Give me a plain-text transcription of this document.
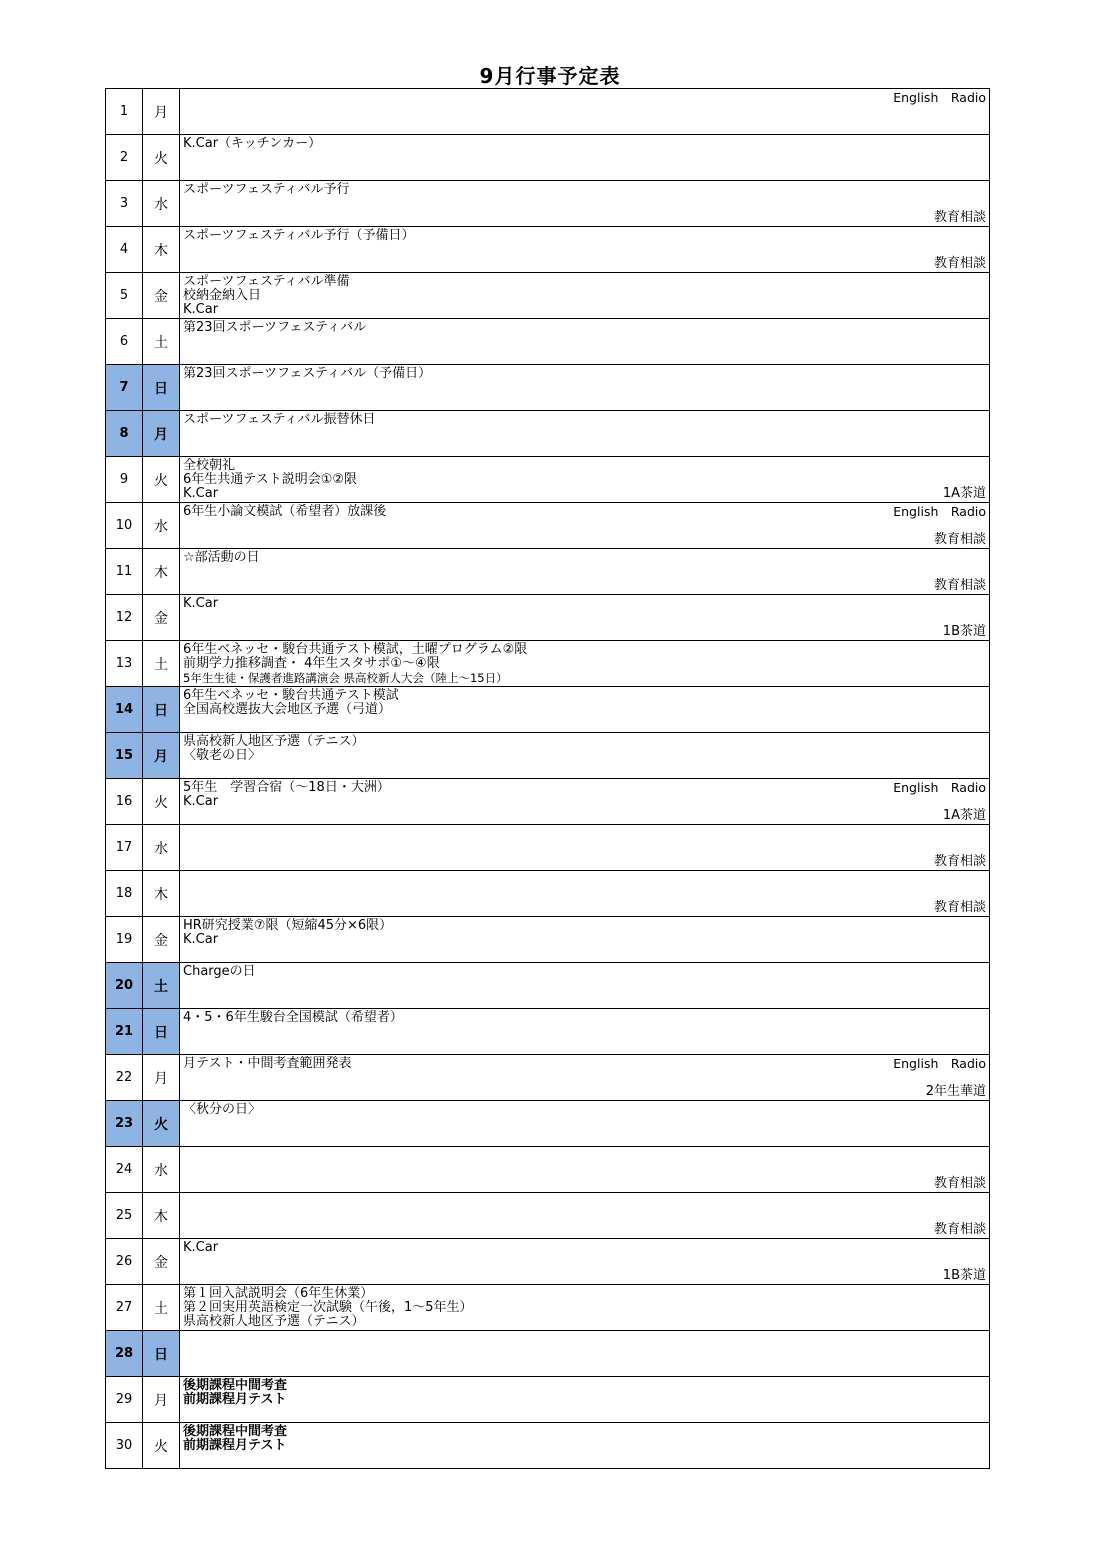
9月行事予定表
1	月	English　Radio

2	火	K.Car（キッチンカー）

3	水	スポーツフェスティバル予行
教育相談

4	木	スポーツフェスティバル予行（予備日）
教育相談

5	金	スポーツフェスティバル準備
校納金納入日
K.Car

6	土	第23回スポーツフェスティバル

7	日	第23回スポーツフェスティバル（予備日）

8	月	スポーツフェスティバル振替休日

9	火	全校朝礼
6年生共通テスト説明会①②限
K.Car 1A茶道

10	水	6年生小論文模試（希望者）放課後 English　Radio
教育相談

11	木	☆部活動の日
教育相談

12	金	K.Car
1B茶道

13	土	6年生ベネッセ・駿台共通テスト模試，土曜プログラム②限
前期学力推移調査・ 4年生スタサポ①～④限
5年生生徒・保護者進路講演会 県高校新人大会（陸上～15日）

14	日	6年生ベネッセ・駿台共通テスト模試
全国高校選抜大会地区予選（弓道）

15	月	県高校新人地区予選（テニス）
〈敬老の日〉

16	火	5年生　学習合宿（～18日・大洲）
K.Car
English　Radio
1A茶道

17	水	教育相談

18	木	教育相談

19	金	HR研究授業⑦限（短縮45分×6限）
K.Car

20	土	Chargeの日

21	日	4・5・6年生駿台全国模試（希望者）

22	月	月テスト・中間考査範囲発表 English　Radio
2年生華道

23	火	〈秋分の日〉

24	水	教育相談

25	木	教育相談

26	金	K.Car
1B茶道

27	土	第１回入試説明会（6年生休業）
第２回実用英語検定一次試験（午後，1～5年生）
県高校新人地区予選（テニス）

28	日	

29	月	後期課程中間考査
前期課程月テスト

30	火	後期課程中間考査
前期課程月テスト
